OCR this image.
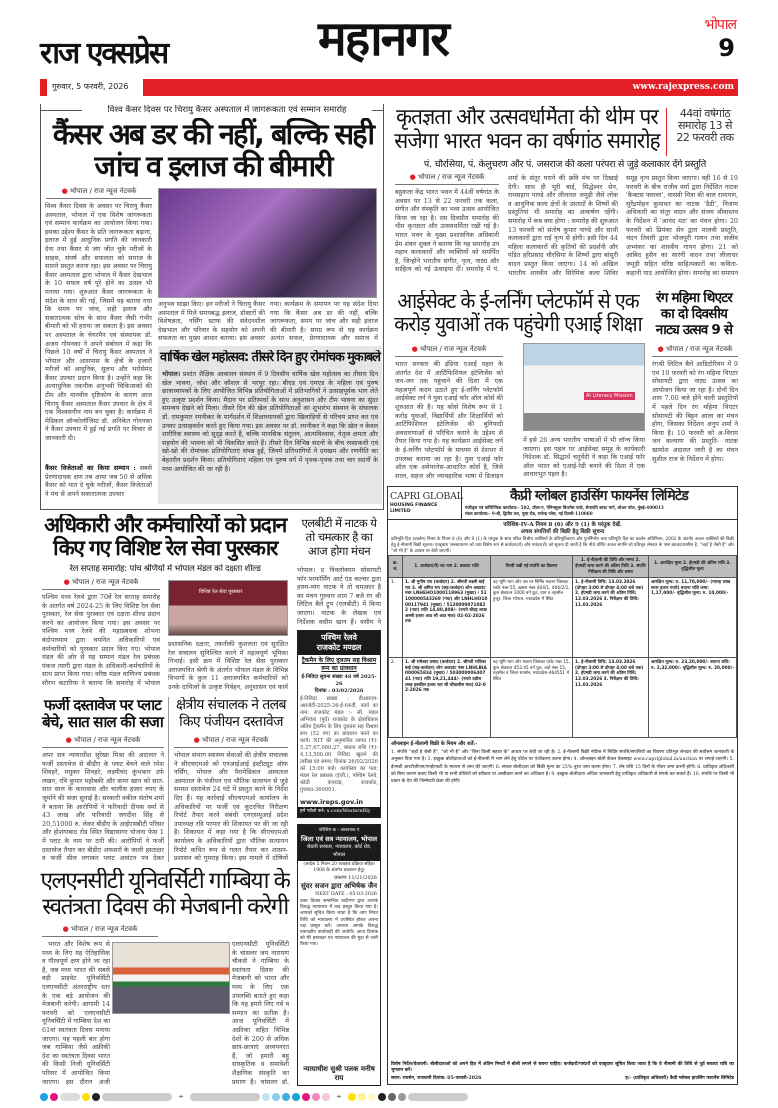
राज एक्सप्रेस	महानगर	भोपाल
9
गुरुवार, 5 फरवरी, 2026	www.rajexpress.com
विश्व कैंसर दिवस पर चिरायु कैंसर अस्पताल में जागरूकता एवं सम्मान समारोह
कैंसर अब डर की नहीं, बल्कि सही जांच व इलाज की बीमारी
● भोपाल / राज न्यूज नेटवर्क
विश्व कैंसर दिवस के अवसर पर चिरायु कैंसर अस्पताल, भोपाल में एक विशेष जागरूकता एवं सम्मान कार्यक्रम का आयोजन किया गया। इसका उद्देश्य कैंसर के प्रति जागरूकता बढ़ाना, इलाज में हुई आधुनिक प्रगति की जानकारी देना तथा कैंसर से जंग जीत चुके मरीजों के साहस, संघर्ष और सफलता को समाज के सामने प्रस्तुत करना रहा। इस अवसर पर चिरायु कैंसर अस्पताल द्वारा भोपाल में कैंसर देखभाल के 10 सफल वर्ष पूरे होने का उत्सव भी मनाया गया। शुरुआत कैंसर जागरूकता के संदेश के साथ की गई, जिसमें यह बताया गया कि समय पर जांच, सही इलाज और सकारात्मक सोच के साथ कैंसर जैसी गंभीर बीमारी को भी हराया जा सकता है। इस अवसर पर अस्पताल के चेयरमैन एवं संस्थापक डॉ. अजय गोयनका ने अपने संबोधन में कहा कि पिछले 10 वर्षों में चिरायु कैंसर अस्पताल ने भोपाल और आसपास के क्षेत्रों के हजारों मरीजों को आधुनिक, सुलभ और भरोसेमंद कैंसर उपचार प्रदान किया है। उन्होंने कहा कि अत्याधुनिक तकनीक अनुभवी चिकित्सकों की टीम और मानवीय दृष्टिकोण के कारण आज चिरायु कैंसर अस्पताल कैंसर उपचार के क्षेत्र में एक विश्वसनीय नाम बन चुका है। कार्यक्रम में मेडिकल ऑन्कोलॉजिस्ट डॉ. अनिकेत गोयनका ने कैंसर उपचार में हुई नई प्रगति पर विचार से जानकारी दी।
कैंसर विजेताओं का किया सम्मान : सबसे प्रेरणादायक क्षण तब आया जब 50 से अधिक कैंसर को मात दे चुके मरीजों, कैंसर विजेताओं ने मंच से अपने सकारात्मक उपचार
अनुभव साझा किए। इन मरीजों ने चिरायु कैंसर अस्पताल में मिले समयबद्ध इलाज, डॉक्टरों की विशेषज्ञता, नर्सिंग स्टाफ की संवेदनशील देखभाल और परिवार के सहयोग को अपनी सफलता का मुख्य आधार बताया। इस अवसर
गया। कार्यक्रम के समापन पर यह संदेश दिया गया कि कैंसर अब डर की नहीं, बल्कि जागरूकता, समय पर जांच और सही इलाज की बीमारी है। समग्र रूप से यह कार्यक्रम अत्यंत सफल, प्रेरणादायक और समाज में
वार्षिक खेल महोत्सव: तीसरे दिन हुए रोमांचक मुकाबले
भोपाल। प्रशांत शैक्षिक आवासन संस्थान में 9 दिवसीय वार्षिक खेल महोत्सव का तीसरा दिन खेल भावना, जोश और कौशल से भरपूर रहा। बीएड एवं एमएड के महिला एवं पुरुष छात्राध्यापकों के लिए आयोजित विभिन्न प्रतियोगिताओं में प्रतिभागियों ने उत्साहपूर्वक भाग लेते हुए उत्कृष्ट प्रदर्शन किया। मैदान पर प्रतिस्पर्धा के साथ अनुशासन और टीम भावना का सुंदर समन्वय देखने को मिला। तीसरे दिन की खेल प्रतियोगिताओं का शुभारंभ संस्थान के संचालक डॉ. रामकुमार रमनीकर के मार्गदर्शन में शिक्षाध्यापकों द्वारा खिलाड़ियों से परिचय प्राप्त कर एवं उनका उत्साहवर्धन करते हुए किया गया। इस अवसर पर डॉ. रमनीकर ने कहा कि खेल न केवल शारीरिक स्वास्थ्य को सुदृढ़ करते हैं, बल्कि मानसिक संतुलन, आत्मविश्वास, नेतृत्व क्षमता और सहयोग की भावना को भी विकसित करते हैं। तीसरे दिन विभिन्न सदनों के बीच रस्साकशी एवं खो-खो की रोमांचक प्रतियोगिताएं संपन्न हुईं, जिनमें प्रतिभागियों ने दमखम और रणनीति का बेहतरीन प्रदर्शन किया। प्रतियोगिताएं महिला एवं पुरुष वर्ग में पृथक-पृथक तथा चार सदनों के मध्य आयोजित की जा रही हैं।
कृतज्ञता और उत्सवधर्मिता की थीम पर सजेगा भारत भवन का वर्षगांठ समारोह
44वां वर्षगांठ समारोह 13 से 22 फरवरी तक
पं. चौरसिया, पं. केलुचरण और पं. जसराज की कला परंपरा से जुड़े कलाकार देंगे प्रस्तुति
● भोपाल / राज न्यूज नेटवर्क
बहुकला केंद्र भारत भवन में 44वीं वर्षगांठ के अवसर पर 13 से 22 फरवरी तक कला, संगीत और संस्कृति का भव्य उत्सव आयोजित किया जा रहा है। दस दिवसीय समारोह की थीम कृतज्ञता और उत्सवधर्मिता रखी गई है। भारत भवन के मुख्य प्रशासनिक अधिकारी प्रेम शंकर शुक्ल ने बताया कि यह समारोह उन महान कलाकारों और व्यक्तियों को समर्पित है, जिन्होंने भारतीय संगीत, नृत्य, नाट्य और साहित्य को नई ऊंचाइयां दीं। समारोह में पं.
शर्मा के संतूर घराने की छवि मंच पर दिखाई देगी। साथ ही भूरी बाई, सिद्धेश्वर सेन, रामसहाय पाण्डे और लीलाधर जमूड़ी जैसे लोक व आधुनिक कला क्षेत्रों के उस्तादों के शिष्यों की प्रस्तुतियां भी समारोह का आकर्षण रहेंगी। समारोह में कब क्या होगा : समारोह की शुरुआत 13 फरवरी को संतोष कुमार पाण्डे और साथी कलाकारों द्वारा राई नृत्य से होगी। इसी दिन 44 महिला कलाकारों की कृतियों की प्रदर्शनी और पंडित हरिप्रसाद चौरसिया के शिष्यों द्वारा बांसुरी वादन प्रस्तुत किया जाएगा। 14 को अखिल भारतीय शास्त्रीय और सिरेमिक कला शिविर
समूह नृत्य प्रस्तुत किया जाएगा। वहीं 16 से 19 फरवरी के बीच राजीव वर्मा द्वारा निर्देशित नाटक 'कैक्टस फ्लावर', वासवी मित्रा की बाल रामायण, सुरेंद्रमोहन कुमावत का नाटक 'डैडी', निजाम अधिकारी का संतूर वादन और संजय श्रीवास्तव के निर्देशन में 'आनंद मठ' का मंचन होगा। 20 फरवरी को प्रियंका सेन द्वारा मालवी प्रस्तुति, चंदन तिवारी द्वारा भोजपुरी गायन तथा संजीव अभ्यंकर का शास्त्रीय गायन होगा। 21 को आबिद हुसैन का सारंगी वादन तथा लीलाधर जमूड़ी सहित वरिष्ठ साहित्यकारों का कविता-कहानी पाठ आयोजित होगा। समारोह का समापन
आईसेक्ट के ई-लर्निंग प्लेटफॉर्म से एक करोड़ युवाओं तक पहुंचेगी एआई शिक्षा
● भोपाल / राज न्यूज नेटवर्क
भारत सरकार की इंडिया एआई पहल के अंतर्गत देश में आर्टिफिशियल इंटेलिजेंस को जन-जन तक पहुंचाने की दिशा में एक महत्वपूर्ण कदम उठाते हुए ई-लर्निंग प्लेटफॉर्म आईसेक्ट लर्न ने युवा एआई फॉर ऑल कोर्स की शुरुआत की है। यह कोर्स विशेष रूप से 1 करोड़ युवाओं, विद्यार्थियों और शिक्षार्थियों को आर्टिफिशियल इंटेलिजेंस की बुनियादी अवधारणाओं से परिचित कराने के उद्देश्य से तैयार किया गया है। यह कार्यक्रम आईसेक्ट लर्न के ई-लर्निंग प्लेटफॉर्म के माध्यम से देशभर में उपलब्ध कराया जा रहा है। युवा एआई फॉर ऑल एक अवेयरनेस-आधारित कोर्स है, जिसे सरल, सहज और व्यावहारिक भाषा में डिजाइन
AI Literacy Mission
में इसे 26 अन्य भारतीय भाषाओं में भी लॉन्च किया जाएगा। इस पहल पर आईसेक्ट समूह के कार्यकारी निदेशक डॉ. सिद्धार्थ चतुर्वेदी ने कहा कि एआई फॉर ऑल भारत को एआई-रेडी बनाने की दिशा में एक आधारभूत पहल है।
रंग महिमा थिएटर का दो दिवसीय नाट्य उत्सव 9 से
● भोपाल / राज न्यूज नेटवर्क
रंगश्री लिटिल बैले आडिटोरियम में 9 एवं 10 फरवरी को रंग महिमा थिएटर सोसायटी द्वारा नाट्य उत्सव का आयोजन किया जा रहा है। दोनों दिन शाम 7.00 बजे होने वाली प्रस्तुतियों में पहले दिन रंग महिमा थिएटर सोसायटी की बिट्टन आला का मंचन होगा, जिसका निर्देशन अनुप शर्मा ने किया है। 10 फरवरी को अ-विराम जन कल्याण की प्रस्तुति- नाटक खामोश अदालत जारी है का मंचन सुशील राज के निर्देशन में होगा।
अधिकारी और कर्मचारियों को प्रदान किए गए विशिष्ट रेल सेवा पुरस्कार
रेल सप्ताह समारोह: पांच श्रेणियों में भोपाल मंडल को दक्षता शील्ड
● भोपाल / राज न्यूज नेटवर्क
पश्चिम मध्य रेलवे द्वारा 70वें रेल सप्ताह समारोह के अंतर्गत वर्ष 2024-25 के लिए विशिष्ट रेल सेवा पुरस्कार, रेल सेवा पुरस्कार एवं दक्षता शील्ड प्रदान करने का आयोजन किया गया। इस अवसर पर पश्चिम मध्य रेलवे की महाप्रबंधक शोभना बंदोपाध्याय द्वारा चयनित अधिकारियों एवं कर्मचारियों को पुरस्कार प्रदान किए गए। भोपाल मंडल की ओर से यह सम्मान मंडल रेल प्रबंधक पंकज त्यागी द्वारा मंडल के अधिकारी-कर्मचारियों के साथ प्राप्त किया गया। वरिष्ठ मंडल वाणिज्य प्रबंधक सौरभ कटारिया ने बताया कि समारोह में भोपाल
विशिष्ट रेल सेवा पुरस्कार
प्रशासनिक दक्षता, तकनीकी कुशलता एवं सुरक्षित रेल संचालन सुनिश्चित करने में महत्वपूर्ण भूमिका निभाई। इसी क्रम में विशिष्ट रेल सेवा पुरस्कार अराजपत्रित श्रेणी के अंतर्गत भोपाल मंडल के विभिन्न विभागों के कुल 11 अराजपत्रित कर्मचारियों को उनके दायित्वों के उत्कृष्ट निर्वहन, अनुशासन एवं कार्य
एलबीटी में नाटक ये तो चमत्कार है का आज होगा मंचन
भोपाल। द त्रिवलोक्यम सोसायटी फॉर परफॉर्मिंग आर्ट एंड कल्चर द्वारा हास्य-व्यंग नाटक ये तो चमत्कार है का मंचन गुरुवार शाम 7 बजे रंग श्री लिटिल बैले ट्रूप (एलबीटी) में किया जाएगा। नाटक के लेखक एवं निर्देशक वसीम खान हैं। वसीम ने
पश्चिम रेलवे
राजकोट मण्डल
ट्रैकमैन के लिए दुलतम सह विश्राम रूम का प्रावधान
ई-निविदा सूचना संख्या 48 वर्ष 2025-26
दिनांक : 03/02/2026
ई-निविदा संख्या : डीआरएम-आरजेटी-2025-26-ई-64वीं, कार्य का नाम: राजकोट मंडल :- सी. मंडल अभियंता (पूर्व) राजकोट के क्षेत्राधिकार अंतिम ट्रैकमैन के लिए दुलतम सह विश्राम रूम (52 नंग) का प्रावधान करने का कार्य। NIT की अनुमानित लागत (₹): 5,27,67,080.27, बयाना राशि (₹): 4,13,500.00 निविदा खुलने की तारीख एवं समय: दिनांक 26/02/2026 को 15:00 बजे। कार्यालय का पता: मंडल रेल प्रबंधक (इंजी.), पश्चिम रेलवे, कोठी कंपाउंड, राजकोट, गुजरात-360001.
www.ireps.gov.in
हमें फॉलो करें: x.com/WesternRly
परिशिष्ट क - आवश्यक ए
जिला एवं सत्र न्यायालय, भोपाल
जेठारी सरकार, न्यायालय, कोर्ट रोड, भोपाल
(आदेश 5 नियम 20 व्यवहार प्रक्रिया संहिता 1908 के अंतर्गत प्रकाशन हेतु)
प्रकरण 11/21/2026
सुंदर सजन द्वारा अभिषेक जैन
NEXT DATE : 05-03-2026
उक्त विवाद सम्बन्धित वादीगण द्वारा आपके विरुद्ध न्यायालय में वाद प्रस्तुत किया गया है। आपको सूचित किया जाता है कि आप नियत तिथि को न्यायालय में उपस्थित होकर अपना पक्ष प्रस्तुत करें। अन्यथा आपके विरुद्ध एकपक्षीय कार्यवाही की जावेगी। आज दिनांक को मेरे हस्ताक्षर एवं न्यायालय की मुद्रा से जारी किया गया।
न्यायाधीश सुश्री पलक मनीष राय
फर्जी दस्तावेज पर प्लाट बेचे, सात साल की सजा
● भोपाल / राज न्यूज नेटवर्क
अपर सत्र न्यायाधीश सुरेखा मिश्रा की अदालत ने फर्जी दस्तावेज से बीडीए के प्लाट बेचने वाले रमेश शिवहरे, मधुकर शिवहरे, लक्ष्मीचंद कुंभकार उर्फ लखन, रवि कुमार महोबकी और कमर खान को सात-सात साल के कारावास और चालीस हजार रुपए के जुर्माने की सजा सुनाई है। सरकारी वकील संतोष शर्मा ने बताया कि आरोपियों ने फरियादी दीपक वर्मा से 43 लाख और फरियादी जगदीश सिंह से 20,51000 रु. लेकर बीडीए के आईएसबीटी परिसर और होशंगाबाद रोड स्थित विद्यासागर योजना फेस 1 में प्लाट के नाम पर ठगी की। आरोपियों ने फर्जी दस्तावेज तैयार कर बीडीए अफसरों के जाली हस्ताक्षर व फर्जी सील लगाकर प्लाट आवंटन पत्र देकर
क्षेत्रीय संचालक ने तलब किए पंजीयन दस्तावेज
● भोपाल / राज न्यूज नेटवर्क
भोपाल संभाग स्वास्थ्य सेवाओं की क्षेत्रीय संचालक ने सीएचएमओ को एनआईआई इंस्टीट्यूट ऑफ नर्सिंग, भोपाल और पैरामेडिकल अस्पताल अस्पताल के पंजीयन एवं भौतिक सत्यापन से जुड़े समस्त दस्तावेज 24 घंटे में प्रस्तुत करने के निर्देश दिए हैं। यह कार्रवाई सीएचएमओ कार्यालय के अधिकारियों पर फर्जी एवं कूटरचित निरीक्षण रिपोर्ट तैयार करने संबंधी एनएसयूआई प्रदेश उपाध्यक्ष रवि परमार की शिकायत पर की जा रही है। शिकायत में कहा गया है कि सीएचएमओ कार्यालय के अधिकारियों द्वारा भौतिक सत्यापन रिपोर्ट कथित रूप से गलत तैयार कर शासन-प्रशासन को गुमराह किया। इस मामले में दोषियों
एलएनसीटी यूनिवर्सिटी गाम्बिया के स्वतंत्रता दिवस की मेजबानी करेगी
● भोपाल / राज न्यूज नेटवर्क
भारत और विशेष रूप से मध्य के लिए यह ऐतिहासिक व गौरवपूर्ण क्षण होने जा रहा है, जब मध्य भारत की सबसे बड़ी प्राइवेट यूनिवर्सिटी एलएनसीटी अंतरराष्ट्रीय स्तर के एक बड़े आयोजन की मेजबानी करेगी। आगामी 14 फरवरी को एलएनसीटी यूनिवर्सिटी में गाम्बिया देश का 61वां स्वतंत्रता दिवस मनाया जाएगा। यह पहली बार होगा जब गाम्बिया जैसे अफ्रीकी देश का स्वतंत्रता दिवस भारत की किसी निजी यूनिवर्सिटी परिसर में आयोजित किया जाएगा। इस दौरान अजी
एलएनसीटी यूनिवर्सिटी के चांसलर जय नारायण चौकसे ने गाम्बिया के स्वतंत्रता दिवस की मेजबानी को भारत और मध्य के लिए एक उपलब्धि बताते हुए कहा कि यह हमारे लिए गर्व व सम्मान का प्रतीक है। आज यूनिवर्सिटी में अफ्रीका सहित विभिन्न देशों के 200 से अधिक छात्र-छात्राएं अध्ययनरत हैं, जो हमारी बहु सांस्कृतिक व समावेशी शैक्षणिक संस्कृति का प्रमाण है। चांसलर डॉ.
CAPRI GLOBAL
HOUSING FINANCE LIMITED
कैप्री ग्लोबल हाउसिंग फायनेंस लिमिटेड
पंजीकृत एवं वाणिज्यिक कार्यालय:- 502, टॉवर-ए, पेनिनसुला बिजनेस पार्क, सेनापति बापट मार्ग, लोअर परेल, मुंबई-400013
मंडल कार्यालय:- 9-बी, द्वितीय तल, पूसा रोड, राजेन्द्र प्लेस, नई दिल्ली-110060
परिशिष्ट-IV-A नियम 8 (6) और 9 (1) के परंतुक देखें.
अचल संपत्तियों की बिक्री हेतु बिक्री सूचना
प्रतिभूति हित (प्रवर्तन) नियम के नियम 8 (6) और 9 (1) के परंतुक के साथ पठित वित्तीय आस्तियों के प्रतिभूतिकरण और पुनर्निर्माण तथा प्रतिभूति हित का प्रवर्तन अधिनियम, 2002 के अंतर्गत अचल आस्तियों की बिक्री हेतु ई-नीलामी बिक्री सूचना। एतद्द्वारा जनसाधारण को तथा विशेष रूप से कर्जदार(रों) और गारंटर(रों) को सूचना दी जाती है कि नीचे वर्णित अचल संपत्ति जो प्रतिभूत लेनदार के पास बंधक/प्रभारित है, "जहाँ है जैसी है" और "जो भी है" के आधार पर बेची जाएगी।
क्र. सं.	1. कर्जदार(रों) का नाम 2. बकाया राशि	गिरवी रखी गई संपत्ति का विवरण	1. ई-नीलामी की तिथि और समय 2. ईएमडी जमा करने की अंतिम तिथि 3. संपत्ति निरीक्षण की तिथि और समय	1. आरक्षित मूल्य 2. ईएमडी की अंतिम राशि 3. वृद्धिशील मूल्य
1.	1. श्री मुनीष राय (कर्जदार) 2. श्रीमती लक्ष्मी बाई राय 3. श्री अमित राय (सह-कर्जदार) लोन अकाउंट नंबर LNHEHO1000118963 (मुख्य) / 51100000543269 (नया) और LNHLHO1000117941 (मुख्य) / 51200000710822 (नया) राशि 14,80,808/- (रुपये चौदह लाख अस्सी हजार आठ सौ आठ मात्र) 02-02-2026 तक	वह भूमि भाग और उस पर निर्मित मकान जिसका प्लॉट नंबर 55, खसरा नंबर 404/1, 406/2/1, कुल क्षेत्रफल 1000 वर्ग फुट, ग्राम व तहसील हुजूर, जिला भोपाल, मध्यप्रदेश में स्थित	1. ई-नीलामी तिथि: 13.03.2026 (दोपहर 3:00 से दोपहर 4:00 बजे तक) 2. ईएमडी जमा करने की अंतिम तिथि: 12.03.2026 3. निरीक्षण की तिथि: 11.03.2026	आरक्षित मूल्य: रु. 11,70,000/- (ग्यारह लाख सत्तर हजार रुपये) बयाना राशि जमा: 1,17,000/- वृद्धिशील मूल्य: रु. 10,000/-
2.	1. श्री रामेश्वर प्रसाद (कर्जदार) 2. श्रीमती राधिका बाई (सह-कर्जदार) लोन अकाउंट नंबर LNHLBIA000065834 (मुख्य) / 50300000640741 (नया) राशि 19,21,444/- (रुपये उन्नीस लाख इक्कीस हजार चार सौ चौवालीस मात्र) 02-02-2026 तक	वह भूमि भाग और मकान जिसका प्लॉट नंबर 15, कुल क्षेत्रफल 453.45 वर्ग फुट, वार्ड नंबर 15, तहसील व जिला रायसेन, मध्यप्रदेश-464551 में स्थित	1. ई-नीलामी तिथि: 13.03.2026 (दोपहर 3:00 से दोपहर 4:00 बजे तक) 2. ईएमडी जमा करने की अंतिम तिथि: 12.03.2026 3. निरीक्षण की तिथि: 11.03.2026	आरक्षित मूल्य: रु. 23,20,000/- बयाना राशि: रु. 2,32,000/- वृद्धिशील मूल्य: रु. 20,000/-
ऑनलाइन ई-नीलामी बिक्री के नियम और शर्तें:-
1. संपत्ति "जहाँ है जैसी है", "जो भी है" और "बिना किसी सहारा के" आधार पर बेची जा रही है। 2. ई-नीलामी बिक्री नोटिस में निर्दिष्ट संपत्ति/संपत्तियों का विवरण प्रतिभूत लेनदार की सर्वोत्तम जानकारी के अनुसार दिया गया है। 3. इच्छुक बोलीदाताओं को ई-नीलामी में भाग लेने हेतु पोर्टल पर पंजीकरण करना होगा। 4. ऑनलाइन बोली केवल वेबसाइट www.capriglobal.in/auction पर लगाई जाएगी। 5. ईएमडी आरटीजीएस/एनईएफटी के माध्यम से जमा की जाएगी। 6. सफल बोलीदाता को बिक्री मूल्य का 25% तुरंत जमा करना होगा। 7. शेष राशि 15 दिनों के भीतर जमा करनी होगी। 8. प्राधिकृत अधिकारी को बिना कारण बताए किसी भी या सभी बोलियों को स्वीकार या अस्वीकार करने का अधिकार है। 9. इच्छुक बोलीदाता अधिक जानकारी हेतु प्राधिकृत अधिकारी से संपर्क कर सकते हैं। 10. संपत्ति पर किसी भी प्रकार के देय की जिम्मेदारी क्रेता की होगी।
विशेष निर्देश/चेतावनी: बोलीदाताओं को अपने हित में अंतिम मिनटों में बोली लगाने से बचना चाहिए। कर्जदारों/गारंटरों को एतद्द्वारा सूचित किया जाता है कि वे नीलामी की तिथि से पूर्व बकाया राशि का भुगतान करें।
स्थान: रायसेन, राजधानी दिनांक: 05-फरवरी-2026	ह/- (प्राधिकृत अधिकारी) कैप्री ग्लोबल हाउसिंग फायनेंस लिमिटेड
⌖	⌖
